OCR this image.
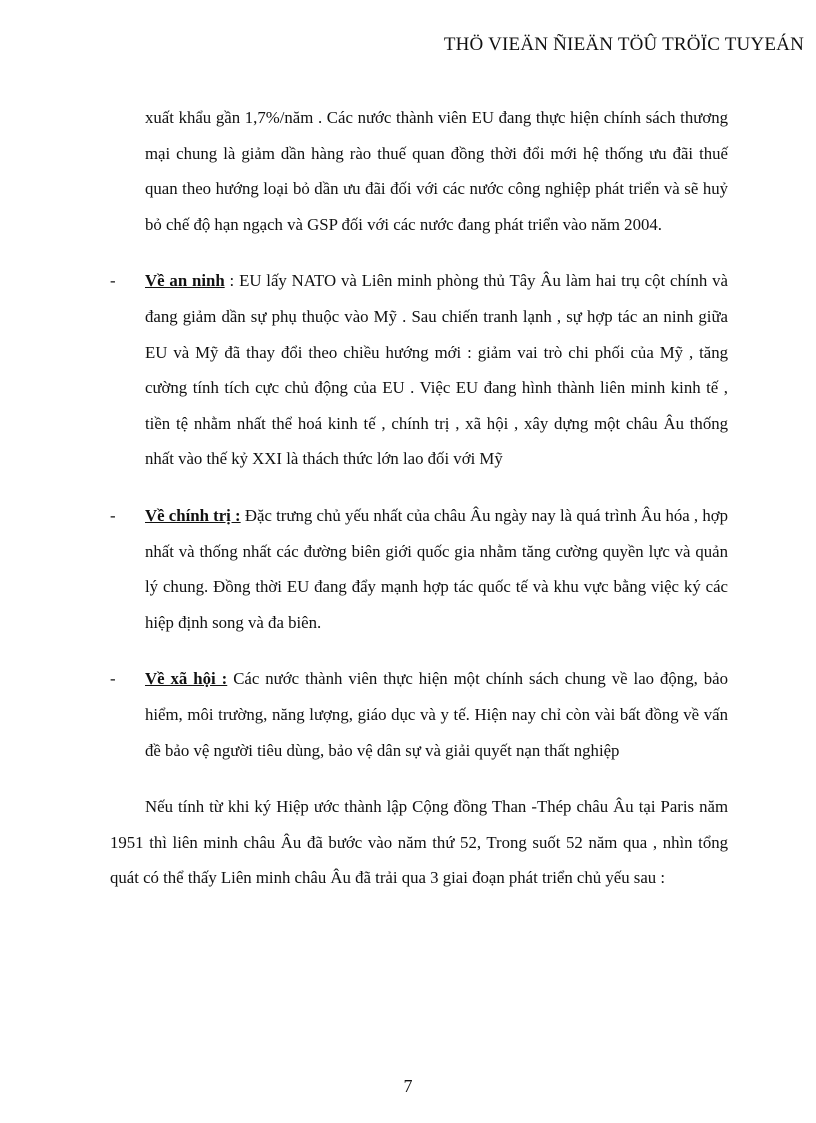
THÖ VIEÄN ÑIEÄN TÖÛ TRÖÏC TUYEÁN

xuất khẩu gần 1,7%/năm . Các nước thành viên EU đang thực hiện chính sách thương mại chung là giảm dần hàng rào thuế quan đồng thời đổi mới hệ thống ưu đãi thuế quan theo hướng loại bỏ dần ưu đãi đối với các nước công nghiệp phát triển và sẽ huỷ bỏ chế độ hạn ngạch và GSP đối với các nước đang phát triển vào năm 2004.

- Về an ninh : EU lấy NATO và Liên minh phòng thủ Tây Âu làm hai trụ cột chính và đang giảm dần sự phụ thuộc vào Mỹ . Sau chiến tranh lạnh , sự hợp tác an ninh giữa EU và Mỹ đã thay đổi theo chiều hướng mới : giảm vai trò chi phối của Mỹ , tăng cường tính tích cực chủ động của EU . Việc EU đang hình thành liên minh kinh tế , tiền tệ nhằm nhất thể hoá kinh tế , chính trị , xã hội , xây dựng một châu Âu thống nhất vào thế kỷ XXI là thách thức lớn lao đối với Mỹ
- Về chính trị : Đặc trưng chủ yếu nhất của châu Âu ngày nay là quá trình Âu hóa , hợp nhất và thống nhất các đường biên giới quốc gia nhằm tăng cường quyền lực và quản lý chung. Đồng thời EU đang đẩy mạnh hợp tác quốc tế và khu vực bằng việc ký các hiệp định song và đa biên.
- Về xã hội : Các nước thành viên thực hiện một chính sách chung về lao động, bảo hiểm, môi trường, năng lượng, giáo dục và y tế. Hiện nay chỉ còn vài bất đồng về vấn đề bảo vệ người tiêu dùng, bảo vệ dân sự và giải quyết nạn thất nghiệp

Nếu tính từ khi ký Hiệp ước thành lập Cộng đồng Than -Thép châu Âu tại Paris năm 1951 thì liên minh châu Âu đã bước vào năm thứ 52, Trong suốt 52 năm qua , nhìn tổng quát có thể thấy Liên minh châu Âu đã trải qua 3 giai đoạn phát triển chủ yếu sau :

7
